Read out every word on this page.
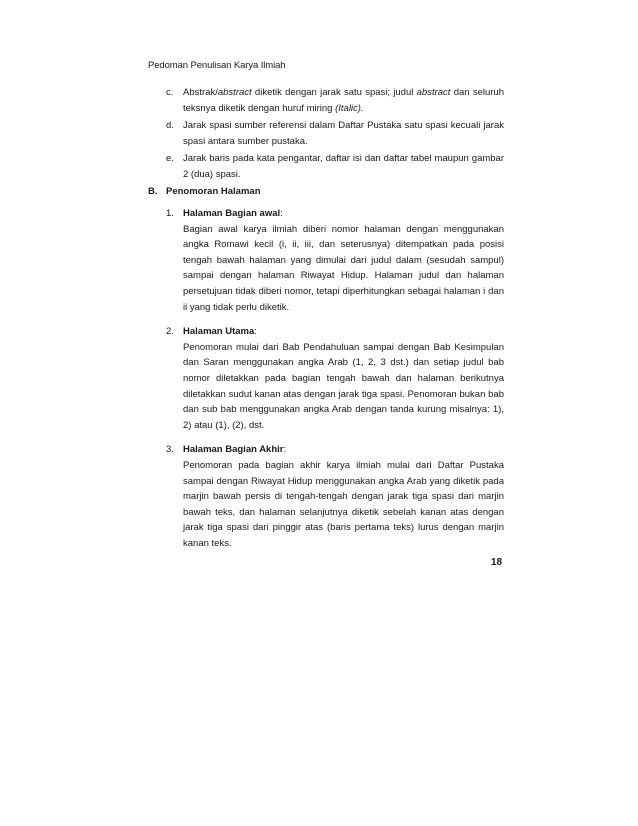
Pedoman Penulisan Karya Ilmiah
c. Abstrak/abstract diketik dengan jarak satu spasi; judul abstract dan seluruh teksnya diketik dengan huruf miring (Italic).
d. Jarak spasi sumber referensi dalam Daftar Pustaka satu spasi kecuali jarak spasi antara sumber pustaka.
e. Jarak baris pada kata pengantar, daftar isi dan daftar tabel maupun gambar 2 (dua) spasi.
B. Penomoran Halaman
1. Halaman Bagian awal:
Bagian awal karya ilmiah diberi nomor halaman dengan menggunakan angka Romawi kecil (i, ii, iii, dan seterusnya) ditempatkan pada posisi tengah bawah halaman yang dimulai dari judul dalam (sesudah sampul) sampai dengan halaman Riwayat Hidup. Halaman judul dan halaman persetujuan tidak diberi nomor, tetapi diperhitungkan sebagai halaman i dan ii yang tidak perlu diketik.
2. Halaman Utama:
Penomoran mulai dari Bab Pendahuluan sampai dengan Bab Kesimpulan dan Saran menggunakan angka Arab (1, 2, 3 dst.) dan setiap judul bab nomor diletakkan pada bagian tengah bawah dan halaman berikutnya diletakkan sudut kanan atas dengan jarak tiga spasi. Penomoran bukan bab dan sub bab menggunakan angka Arab dengan tanda kurung misalnya: 1), 2) atau (1), (2), dst.
3. Halaman Bagian Akhir:
Penomoran pada bagian akhir karya ilmiah mulai dari Daftar Pustaka sampai dengan Riwayat Hidup menggunakan angka Arab yang diketik pada marjin bawah persis di tengah-tengah dengan jarak tiga spasi dari marjin bawah teks, dan halaman selanjutnya diketik sebelah kanan atas dengan jarak tiga spasi dari pinggir atas (baris pertama teks) lurus dengan marjin kanan teks.
18
